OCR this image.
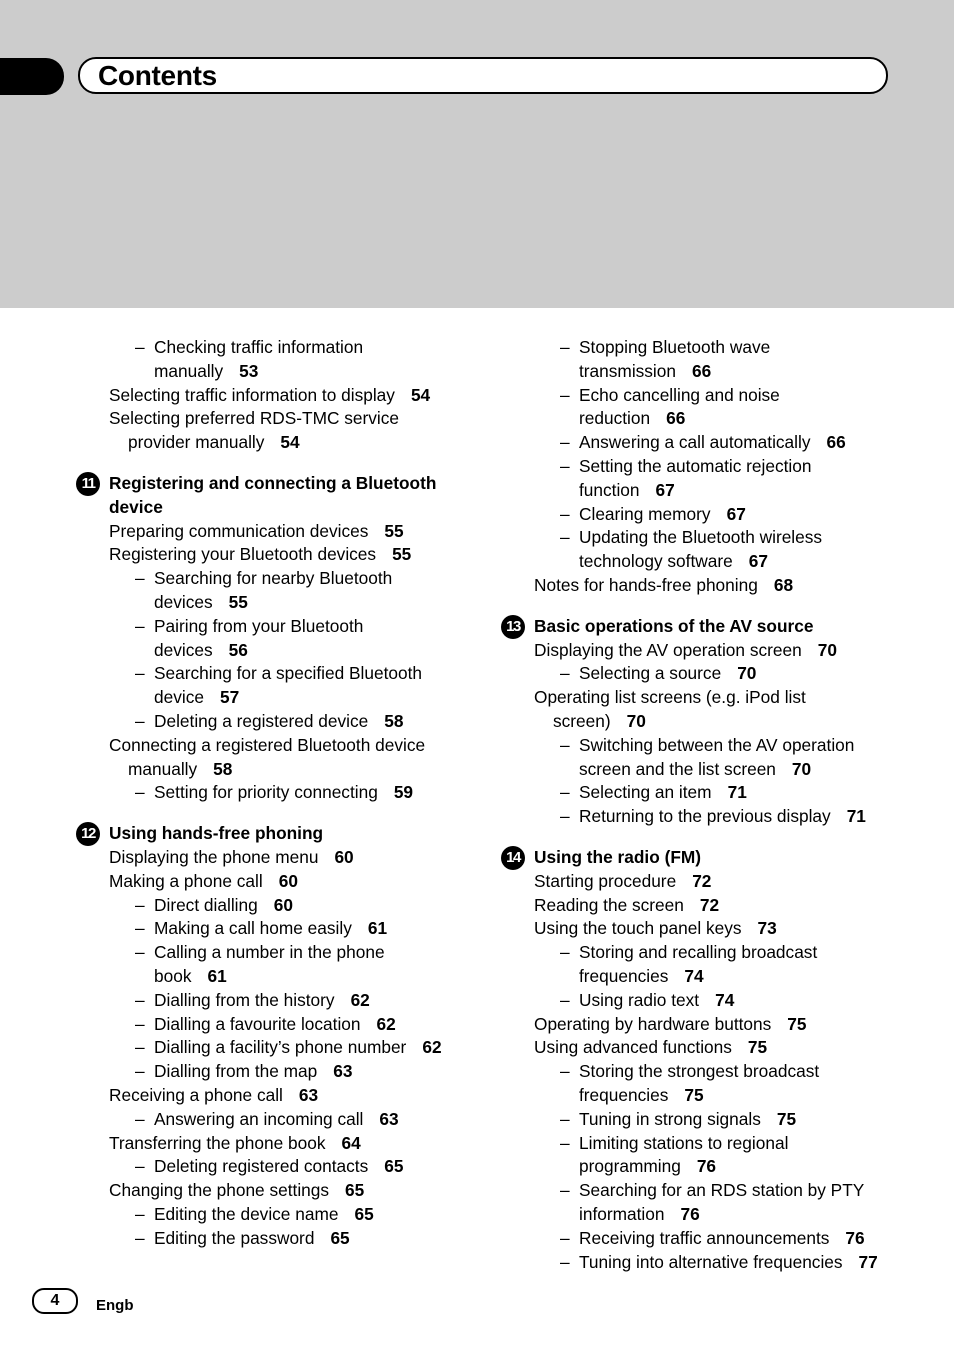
Contents
– Checking traffic information
manually 53
Selecting traffic information to display 54
Selecting preferred RDS-TMC service
provider manually 54
11 Registering and connecting a Bluetooth
device
Preparing communication devices 55
Registering your Bluetooth devices 55
– Searching for nearby Bluetooth
devices 55
– Pairing from your Bluetooth
devices 56
– Searching for a specified Bluetooth
device 57
– Deleting a registered device 58
Connecting a registered Bluetooth device
manually 58
– Setting for priority connecting 59
12 Using hands-free phoning
Displaying the phone menu 60
Making a phone call 60
– Direct dialling 60
– Making a call home easily 61
– Calling a number in the phone
book 61
– Dialling from the history 62
– Dialling a favourite location 62
– Dialling a facility’s phone number 62
– Dialling from the map 63
Receiving a phone call 63
– Answering an incoming call 63
Transferring the phone book 64
– Deleting registered contacts 65
Changing the phone settings 65
– Editing the device name 65
– Editing the password 65
– Stopping Bluetooth wave
transmission 66
– Echo cancelling and noise
reduction 66
– Answering a call automatically 66
– Setting the automatic rejection
function 67
– Clearing memory 67
– Updating the Bluetooth wireless
technology software 67
Notes for hands-free phoning 68
13 Basic operations of the AV source
Displaying the AV operation screen 70
– Selecting a source 70
Operating list screens (e.g. iPod list
screen) 70
– Switching between the AV operation
screen and the list screen 70
– Selecting an item 71
– Returning to the previous display 71
14 Using the radio (FM)
Starting procedure 72
Reading the screen 72
Using the touch panel keys 73
– Storing and recalling broadcast
frequencies 74
– Using radio text 74
Operating by hardware buttons 75
Using advanced functions 75
– Storing the strongest broadcast
frequencies 75
– Tuning in strong signals 75
– Limiting stations to regional
programming 76
– Searching for an RDS station by PTY
information 76
– Receiving traffic announcements 76
– Tuning into alternative frequencies 77
4	Engb
